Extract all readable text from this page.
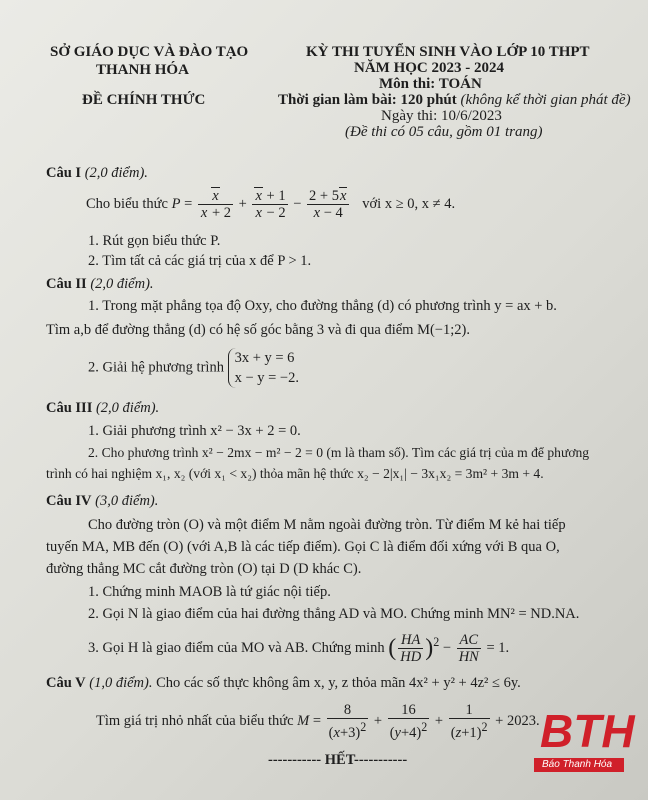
SỞ GIÁO DỤC VÀ ĐÀO TẠO
THANH HÓA
ĐỀ CHÍNH THỨC
KỲ THI TUYỂN SINH VÀO LỚP 10 THPT
NĂM HỌC 2023 - 2024
Môn thi: TOÁN
Thời gian làm bài: 120 phút (không kể thời gian phát đề)
Ngày thi: 10/6/2023
(Đề thi có 05 câu, gồm 01 trang)
Câu I (2,0 điểm).
Cho biểu thức $P = \frac{x}{x + 2} + \frac{x + 1}{x - 2} - \frac{2 + 5x}{x - 4}$ với x ≥ 0, x ≠ 4.
1. Rút gọn biểu thức P.
2. Tìm tất cả các giá trị của x để P > 1.
Câu II (2,0 điểm).
1. Trong mặt phẳng tọa độ Oxy, cho đường thẳng (d) có phương trình y = ax + b.
Tìm a,b để đường thẳng (d) có hệ số góc bằng 3 và đi qua điểm M(−1;2).
2. Giải hệ phương trình
3x + y = 6
x − y = −2.
Câu III (2,0 điểm).
1. Giải phương trình x² − 3x + 2 = 0.
2. Cho phương trình x² − 2mx − m² − 2 = 0 (m là tham số). Tìm các giá trị của m để phương
trình có hai nghiệm x₁, x₂ (với x₁ < x₂) thỏa mãn hệ thức x₂ − 2|x₁| − 3x₁x₂ = 3m² + 3m + 4.
Câu IV (3,0 điểm).
Cho đường tròn (O) và một điểm M nằm ngoài đường tròn. Từ điểm M kẻ hai tiếp
tuyến MA, MB đến (O) (với A,B là các tiếp điểm). Gọi C là điểm đối xứng với B qua O,
đường thẳng MC cắt đường tròn (O) tại D (D khác C).
1. Chứng minh MAOB là tứ giác nội tiếp.
2. Gọi N là giao điểm của hai đường thẳng AD và MO. Chứng minh MN² = ND.NA.
3. Gọi H là giao điểm của MO và AB. Chứng minh ( $\frac{HA}{HD} )^2 - \frac{AC}{HN} = 1$.
Câu V (1,0 điểm). Cho các số thực không âm x, y, z thỏa mãn 4x² + y² + 4z² ≤ 6y.
Tìm giá trị nhỏ nhất của biểu thức $M = \frac{8}{(x+3)^2} + \frac{16}{(y+4)^2} + \frac{1}{(z+1)^2} + 2023$.
----------- HẾT-----------
BTH
Báo Thanh Hóa
